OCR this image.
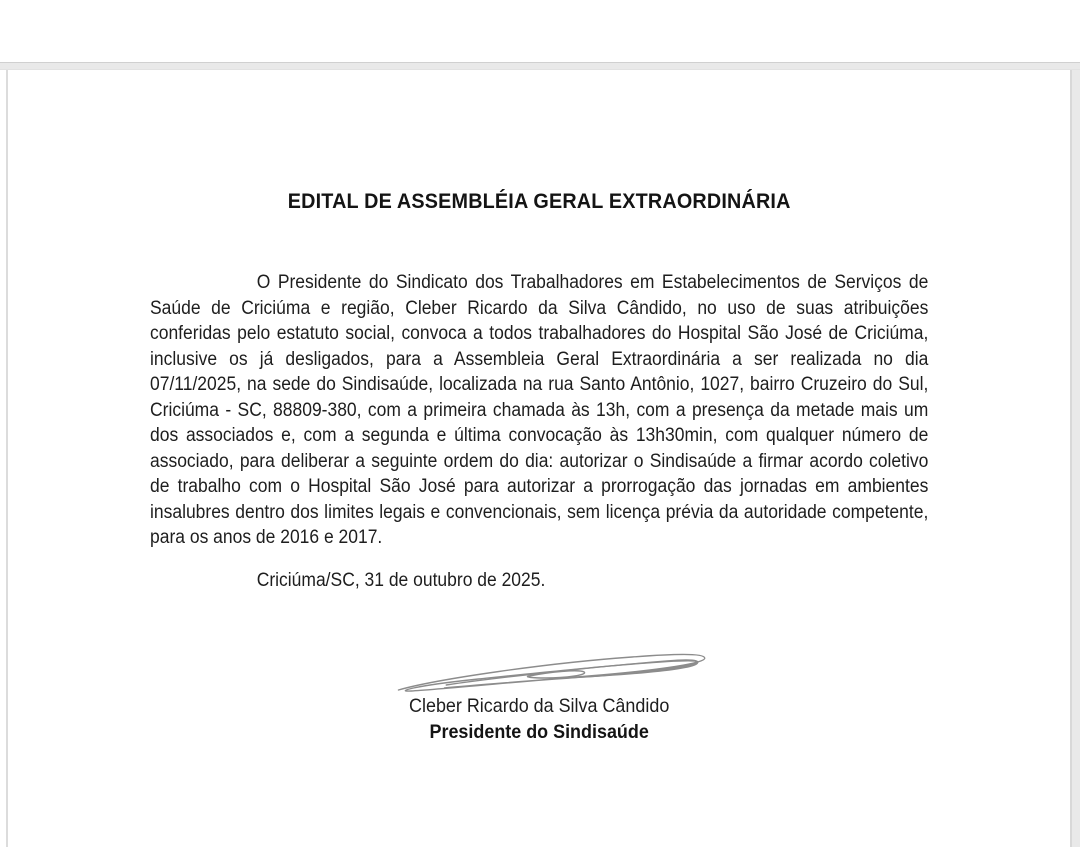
EDITAL DE ASSEMBLÉIA GERAL EXTRAORDINÁRIA
O Presidente do Sindicato dos Trabalhadores em Estabelecimentos de Serviços de
Saúde de Criciúma e região, Cleber Ricardo da Silva Cândido, no uso de suas atribuições
conferidas pelo estatuto social, convoca a todos trabalhadores do Hospital São José de Criciúma,
inclusive os já desligados, para a Assembleia Geral Extraordinária a ser realizada no dia
07/11/2025, na sede do Sindisaúde, localizada na rua Santo Antônio, 1027, bairro Cruzeiro do Sul,
Criciúma - SC, 88809-380, com a primeira chamada às 13h, com a presença da metade mais um
dos associados e, com a segunda e última convocação às 13h30min, com qualquer número de
associado, para deliberar a seguinte ordem do dia: autorizar o Sindisaúde a firmar acordo coletivo
de trabalho com o Hospital São José para autorizar a prorrogação das jornadas em ambientes
insalubres dentro dos limites legais e convencionais, sem licença prévia da autoridade competente,
para os anos de 2016 e 2017.
Criciúma/SC, 31 de outubro de 2025.
Cleber Ricardo da Silva Cândido
Presidente do Sindisaúde
